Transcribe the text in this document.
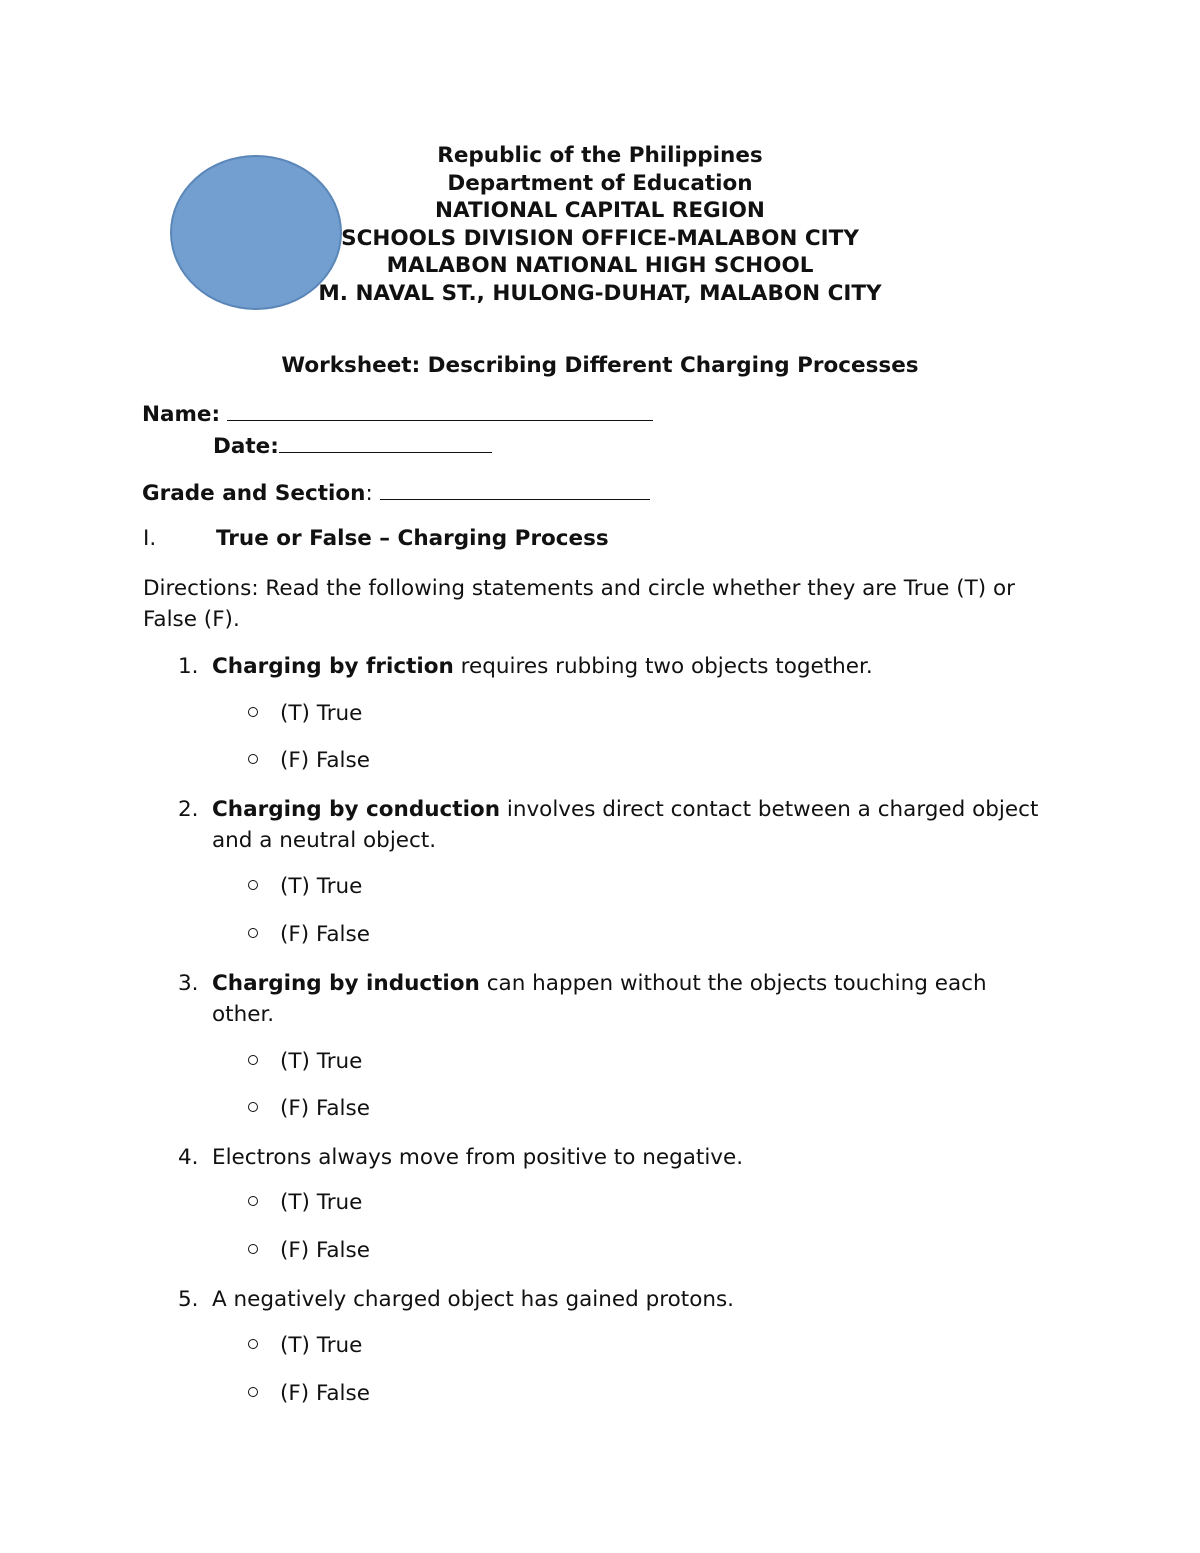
Republic of the Philippines
Department of Education
NATIONAL CAPITAL REGION
SCHOOLS DIVISION OFFICE-MALABON CITY
MALABON NATIONAL HIGH SCHOOL
M. NAVAL ST., HULONG-DUHAT, MALABON CITY
Worksheet: Describing Different Charging Processes
Name:
Date:
Grade and Section:
I.	True or False – Charging Process
Directions: Read the following statements and circle whether they are True (T) or False (F).
1. Charging by friction requires rubbing two objects together.
(T) True
(F) False
2. Charging by conduction involves direct contact between a charged object and a neutral object.
(T) True
(F) False
3. Charging by induction can happen without the objects touching each other.
(T) True
(F) False
4. Electrons always move from positive to negative.
(T) True
(F) False
5. A negatively charged object has gained protons.
(T) True
(F) False
